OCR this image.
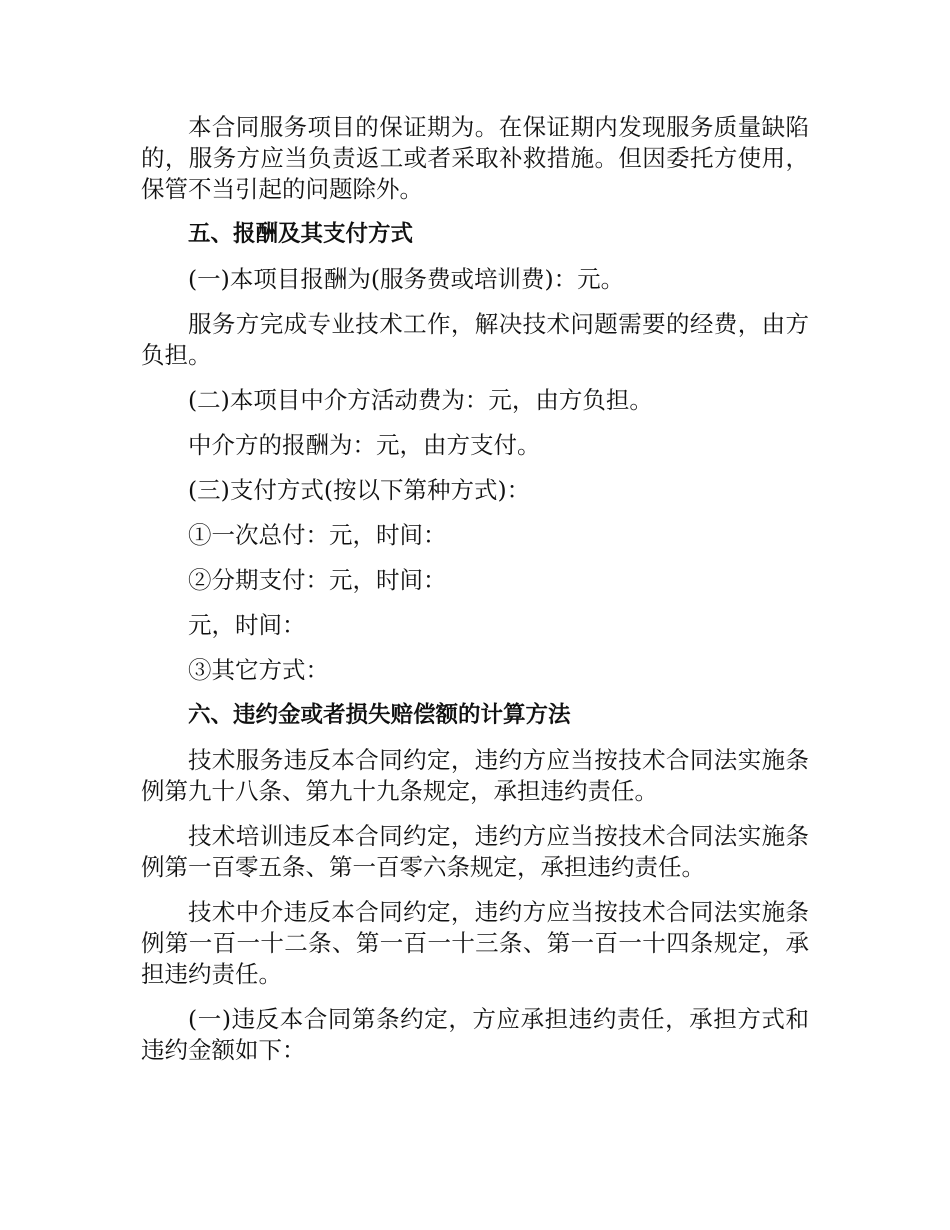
本合同服务项目的保证期为。在保证期内发现服务质量缺陷的，服务方应当负责返工或者采取补救措施。但因委托方使用，保管不当引起的问题除外。

五、报酬及其支付方式

(一)本项目报酬为(服务费或培训费)：元。

服务方完成专业技术工作，解决技术问题需要的经费，由方负担。

(二)本项目中介方活动费为：元，由方负担。

中介方的报酬为：元，由方支付。

(三)支付方式(按以下第种方式)：

①一次总付：元，时间：

②分期支付：元，时间：

元，时间：

③其它方式：

六、违约金或者损失赔偿额的计算方法

技术服务违反本合同约定，违约方应当按技术合同法实施条例第九十八条、第九十九条规定，承担违约责任。

技术培训违反本合同约定，违约方应当按技术合同法实施条例第一百零五条、第一百零六条规定，承担违约责任。

技术中介违反本合同约定，违约方应当按技术合同法实施条例第一百一十二条、第一百一十三条、第一百一十四条规定，承担违约责任。

(一)违反本合同第条约定，方应承担违约责任，承担方式和违约金额如下：
